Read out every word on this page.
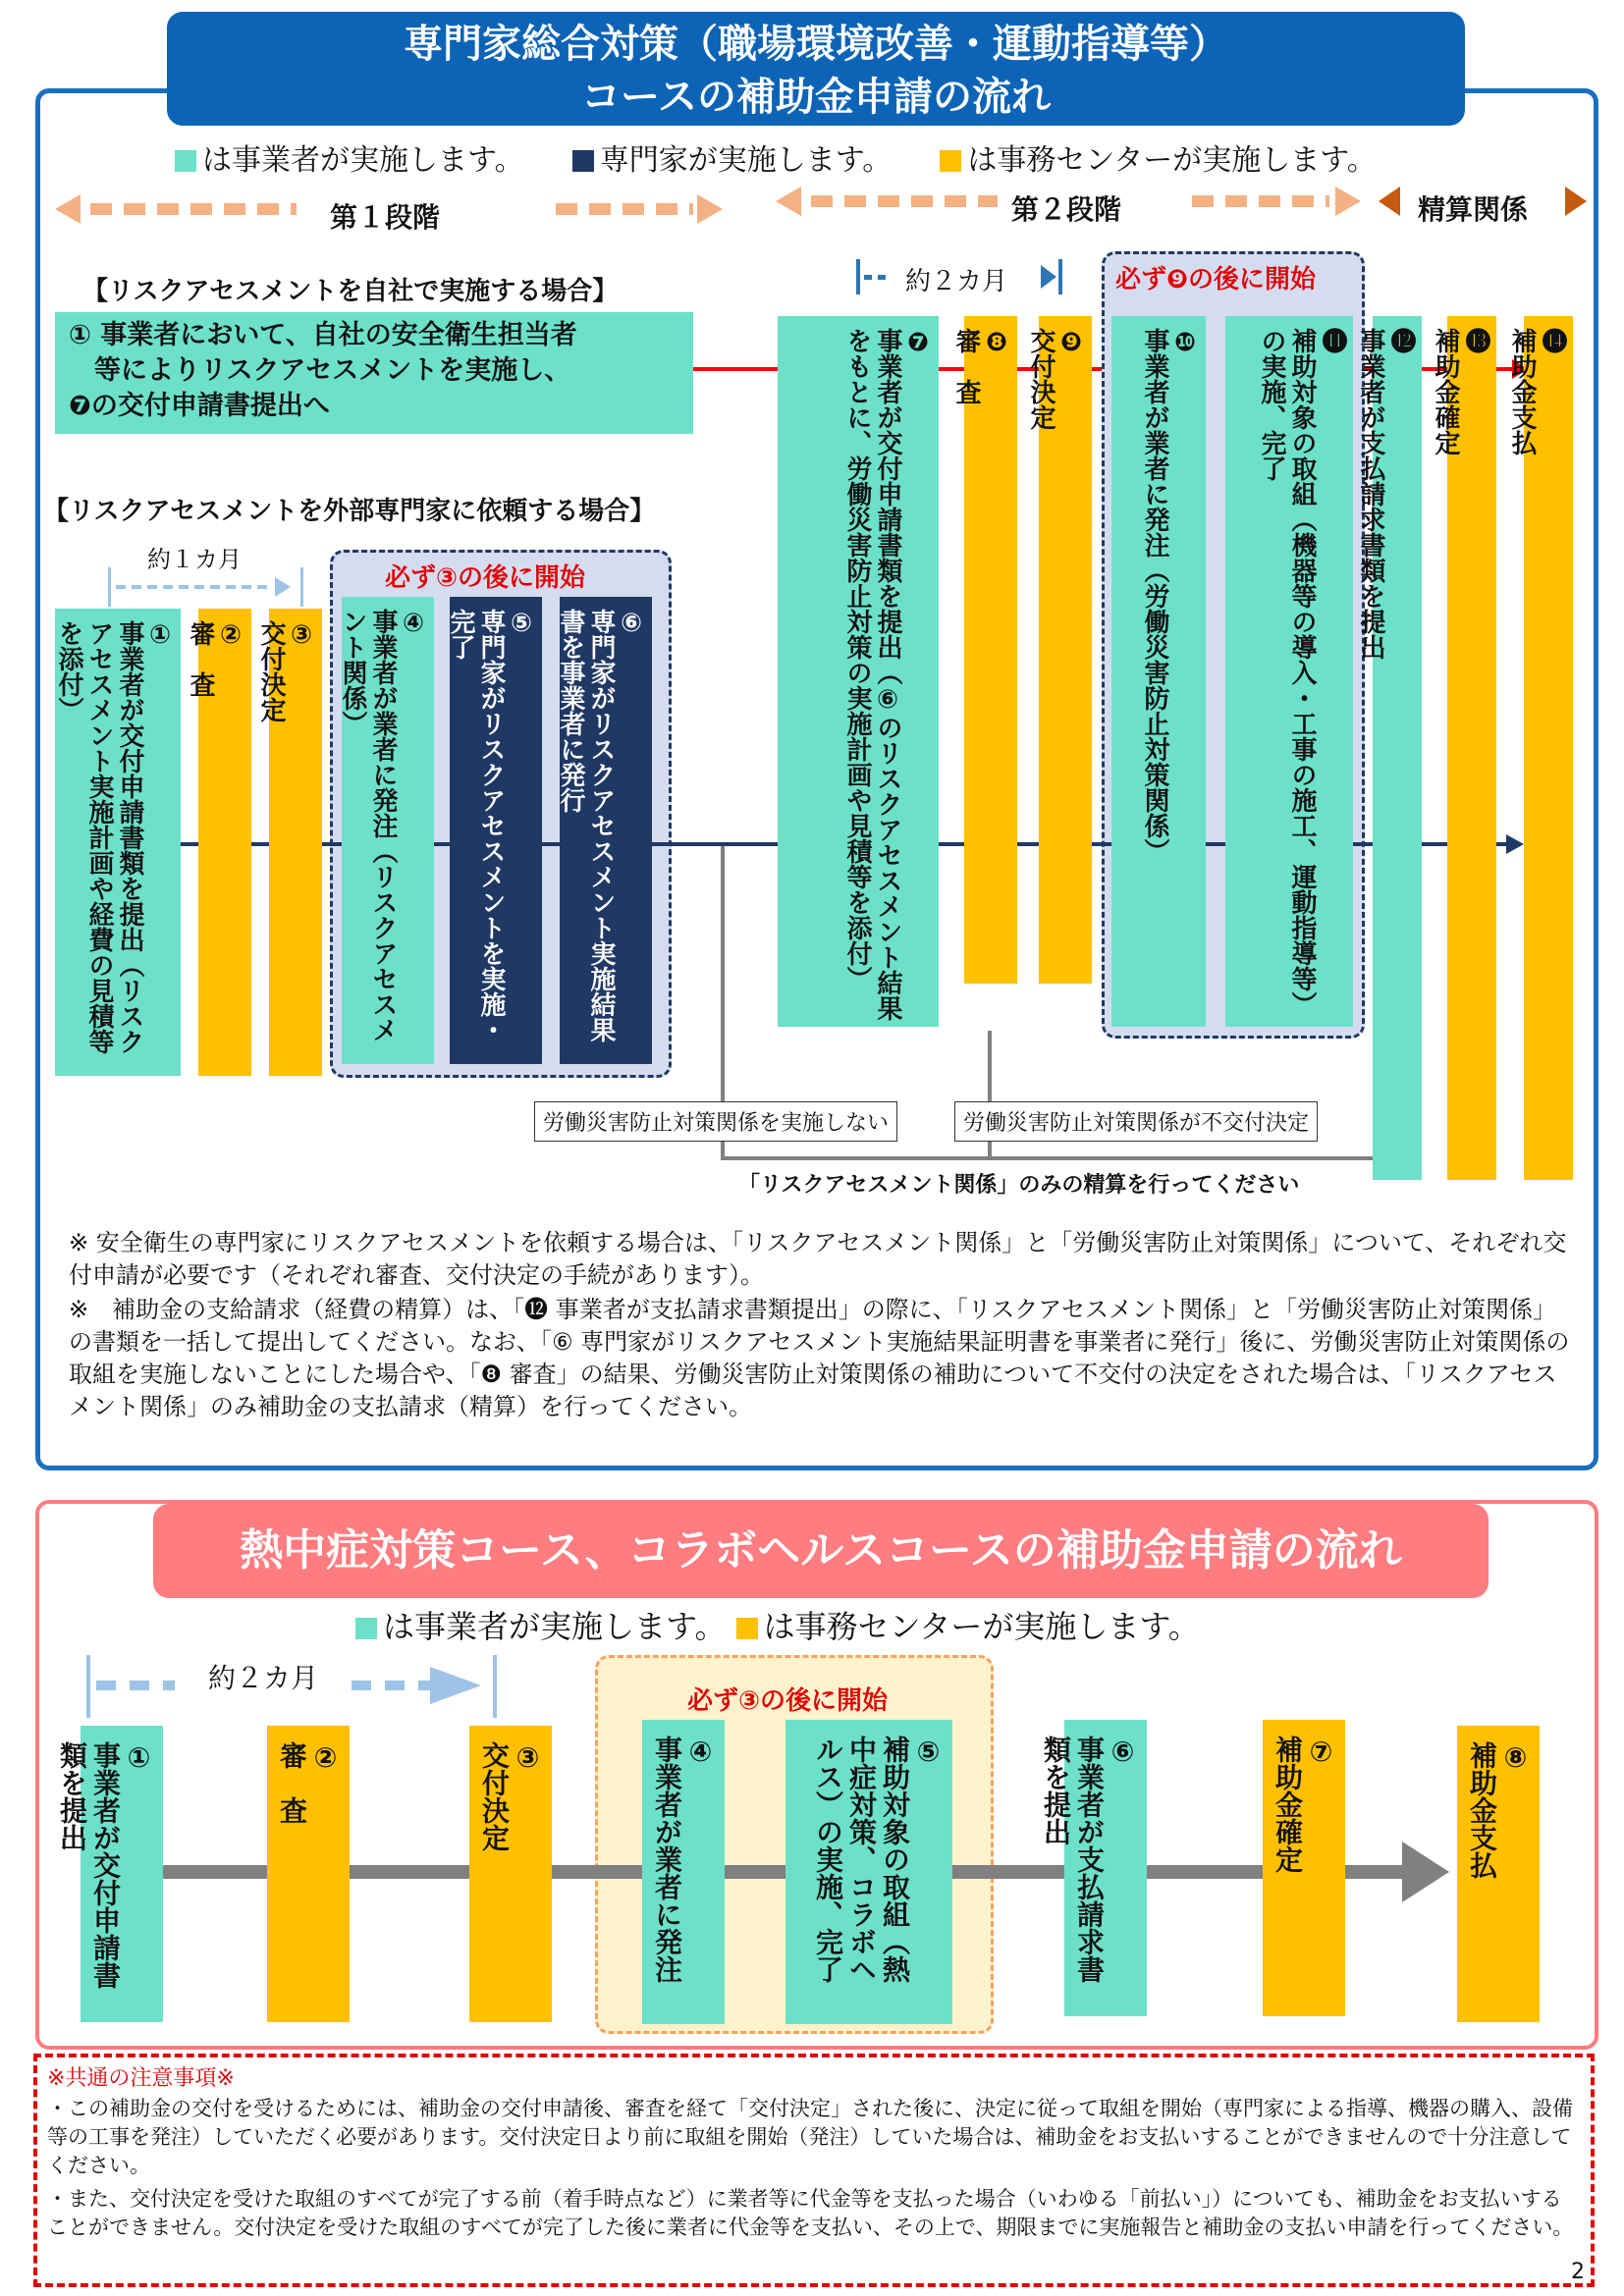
専門家総合対策（職場環境改善・運動指導等）
コースの補助金申請の流れ
は事業者が実施します。	専門家が実施します。	は事務センターが実施します。
第１段階	第２段階	精算関係
約２カ月
【リスクアセスメントを自社で実施する場合】
① 事業者において、自社の安全衛生担当者
等によりリスクアセスメントを実施し、
❼の交付申請書提出へ
【リスクアセスメントを外部専門家に依頼する場合】
約１カ月
必ず③の後に開始
必ず❾の後に開始
労働災害防止対策関係を実施しない	労働災害防止対策関係が不交付決定
「リスクアセスメント関係」のみの精算を行ってください
①
事業者が交付申請書類を提出（リスクアセスメント実施計画や経費の見積等を添付）	②
審　査	③
交付決定	④
事業者が業者に発注（リスクアセスメント関係）	⑤
専門家がリスクアセスメントを実施・完了	⑥
専門家がリスクアセスメント実施結果書を事業者に発行
❼
事業者が交付申請書類を提出（⑥のリスクアセスメント結果をもとに、労働災害防止対策の実施計画や見積等を添付）	❽
審　査	❾
交付決定	❿
事業者が業者に発注（労働災害防止対策関係）	⓫
補助対象の取組（機器等の導入・工事の施工、運動指導等）の実施、完了	⓬
事業者が支払請求書類を提出	⓭
補助金確定	⓮
補助金支払
※ 安全衛生の専門家にリスクアセスメントを依頼する場合は、「リスクアセスメント関係」と「労働災害防止対策関係」について、それぞれ交付申請が必要です（それぞれ審査、交付決定の手続があります）。
※　補助金の支給請求（経費の精算）は、「⓬ 事業者が支払請求書類提出」の際に、「リスクアセスメント関係」と「労働災害防止対策関係」の書類を一括して提出してください。なお、「⑥ 専門家がリスクアセスメント実施結果証明書を事業者に発行」後に、労働災害防止対策関係の取組を実施しないことにした場合や、「❽ 審査」の結果、労働災害防止対策関係の補助について不交付の決定をされた場合は、「リスクアセスメント関係」のみ補助金の支払請求（精算）を行ってください。
熱中症対策コース、コラボヘルスコースの補助金申請の流れ
は事業者が実施します。 は事務センターが実施します。
約２カ月
必ず③の後に開始
①
事業者が交付申請書類を提出	②
審　査	③
交付決定	④
事業者が業者に発注	⑤
補助対象の取組（熱中症対策、コラボヘルス）の実施、完了	⑥
事業者が支払請求書類を提出	⑦
補助金確定	⑧
補助金支払
※共通の注意事項※
・この補助金の交付を受けるためには、補助金の交付申請後、審査を経て「交付決定」された後に、決定に従って取組を開始（専門家による指導、機器の購入、設備等の工事を発注）していただく必要があります。交付決定日より前に取組を開始（発注）していた場合は、補助金をお支払いすることができませんので十分注意してください。
・また、交付決定を受けた取組のすべてが完了する前（着手時点など）に業者等に代金等を支払った場合（いわゆる「前払い」）についても、補助金をお支払いすることができません。交付決定を受けた取組のすべてが完了した後に業者に代金等を支払い、その上で、期限までに実施報告と補助金の支払い申請を行ってください。
2
